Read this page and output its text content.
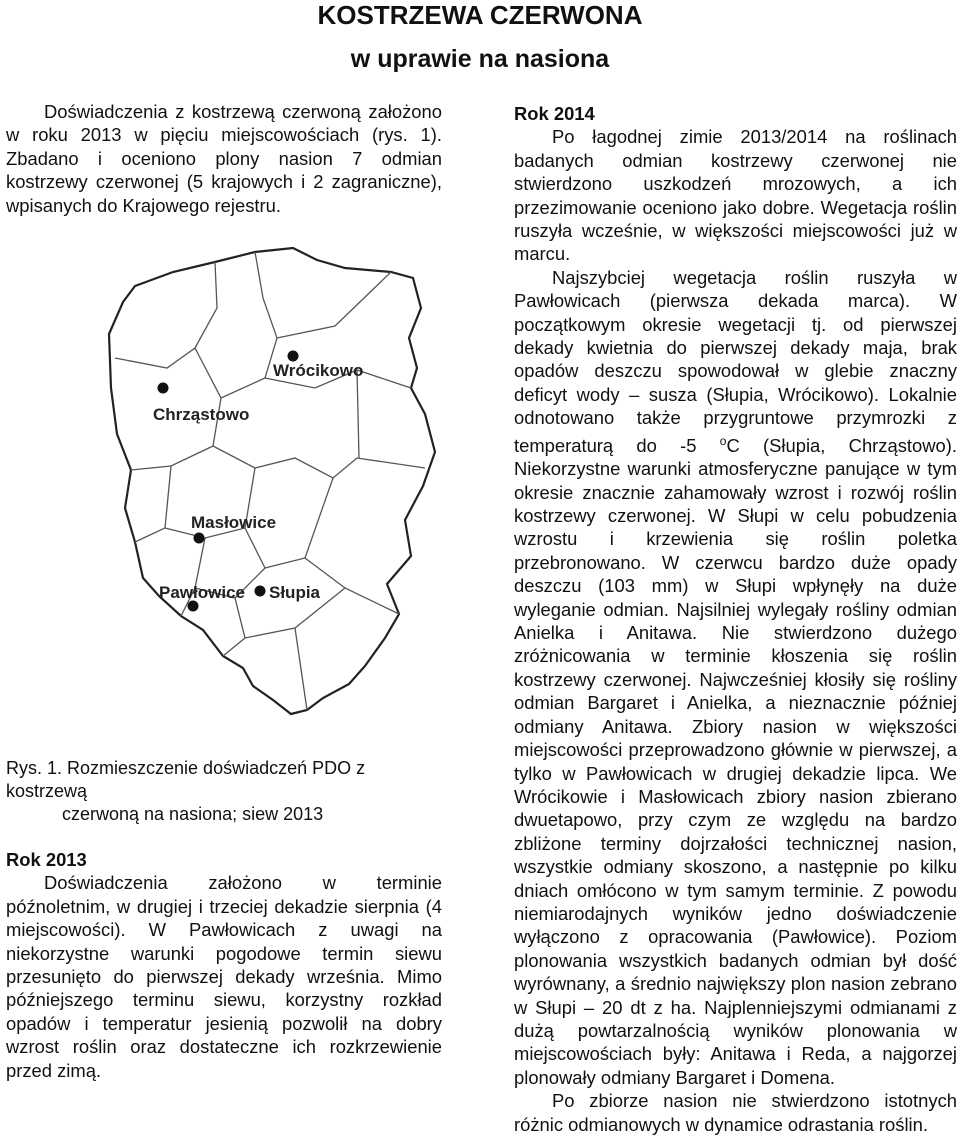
KOSTRZEWA CZERWONA
w uprawie na nasiona

Doświadczenia z kostrzewą czerwoną założono w roku 2013 w pięciu miejscowościach (rys. 1). Zbadano i oceniono plony nasion 7 odmian kostrzewy czerwonej (5 krajowych i 2 zagraniczne), wpisanych do Krajowego rejestru.

Wrócikowo
Chrząstowo
Masłowice
Pawłowice Słupia
Rys. 1. Rozmieszczenie doświadczeń PDO z kostrzewą
czerwoną na nasiona; siew 2013
Rok 2013

Doświadczenia założono w terminie późnoletnim, w drugiej i trzeciej dekadzie sierpnia (4 miejscowości). W Pawłowicach z uwagi na niekorzystne warunki pogodowe termin siewu przesunięto do pierwszej dekady września. Mimo późniejszego terminu siewu, korzystny rozkład opadów i temperatur jesienią pozwolił na dobry wzrost roślin oraz dostateczne ich rozkrzewienie przed zimą.

Rok 2014

Po łagodnej zimie 2013/2014 na roślinach badanych odmian kostrzewy czerwonej nie stwierdzono uszkodzeń mrozowych, a ich przezimowanie oceniono jako dobre. Wegetacja roślin ruszyła wcześnie, w większości miejscowości już w marcu.

Najszybciej wegetacja roślin ruszyła w Pawłowicach (pierwsza dekada marca). W początkowym okresie wegetacji tj. od pierwszej dekady kwietnia do pierwszej dekady maja, brak opadów deszczu spowodował w glebie znaczny deficyt wody – susza (Słupia, Wrócikowo). Lokalnie odnotowano także przygruntowe przymrozki z temperaturą do -5 $^o$C (Słupia, Chrząstowo). Niekorzystne warunki atmosferyczne panujące w tym okresie znacznie zahamowały wzrost i rozwój roślin kostrzewy czerwonej. W Słupi w celu pobudzenia wzrostu i krzewienia się roślin poletka przebronowano. W czerwcu bardzo duże opady deszczu (103 mm) w Słupi wpłynęły na duże wyleganie odmian. Najsilniej wylegały rośliny odmian Anielka i Anitawa. Nie stwierdzono dużego zróżnicowania w terminie kłoszenia się roślin kostrzewy czerwonej. Najwcześniej kłosiły się rośliny odmian Bargaret i Anielka, a nieznacznie później odmiany Anitawa. Zbiory nasion w większości miejscowości przeprowadzono głównie w pierwszej, a tylko w Pawłowicach w drugiej dekadzie lipca. We Wrócikowie i Masłowicach zbiory nasion zbierano dwuetapowo, przy czym ze względu na bardzo zbliżone terminy dojrzałości technicznej nasion, wszystkie odmiany skoszono, a następnie po kilku dniach omłócono w tym samym terminie. Z powodu niemiarodajnych wyników jedno doświadczenie wyłączono z opracowania (Pawłowice). Poziom plonowania wszystkich badanych odmian był dość wyrównany, a średnio największy plon nasion zebrano w Słupi – 20 dt z ha. Najplenniejszymi odmianami z dużą powtarzalnością wyników plonowania w miejscowościach były: Anitawa i Reda, a najgorzej plonowały odmiany Bargaret i Domena.

Po zbiorze nasion nie stwierdzono istotnych różnic odmianowych w dynamice odrastania roślin.
